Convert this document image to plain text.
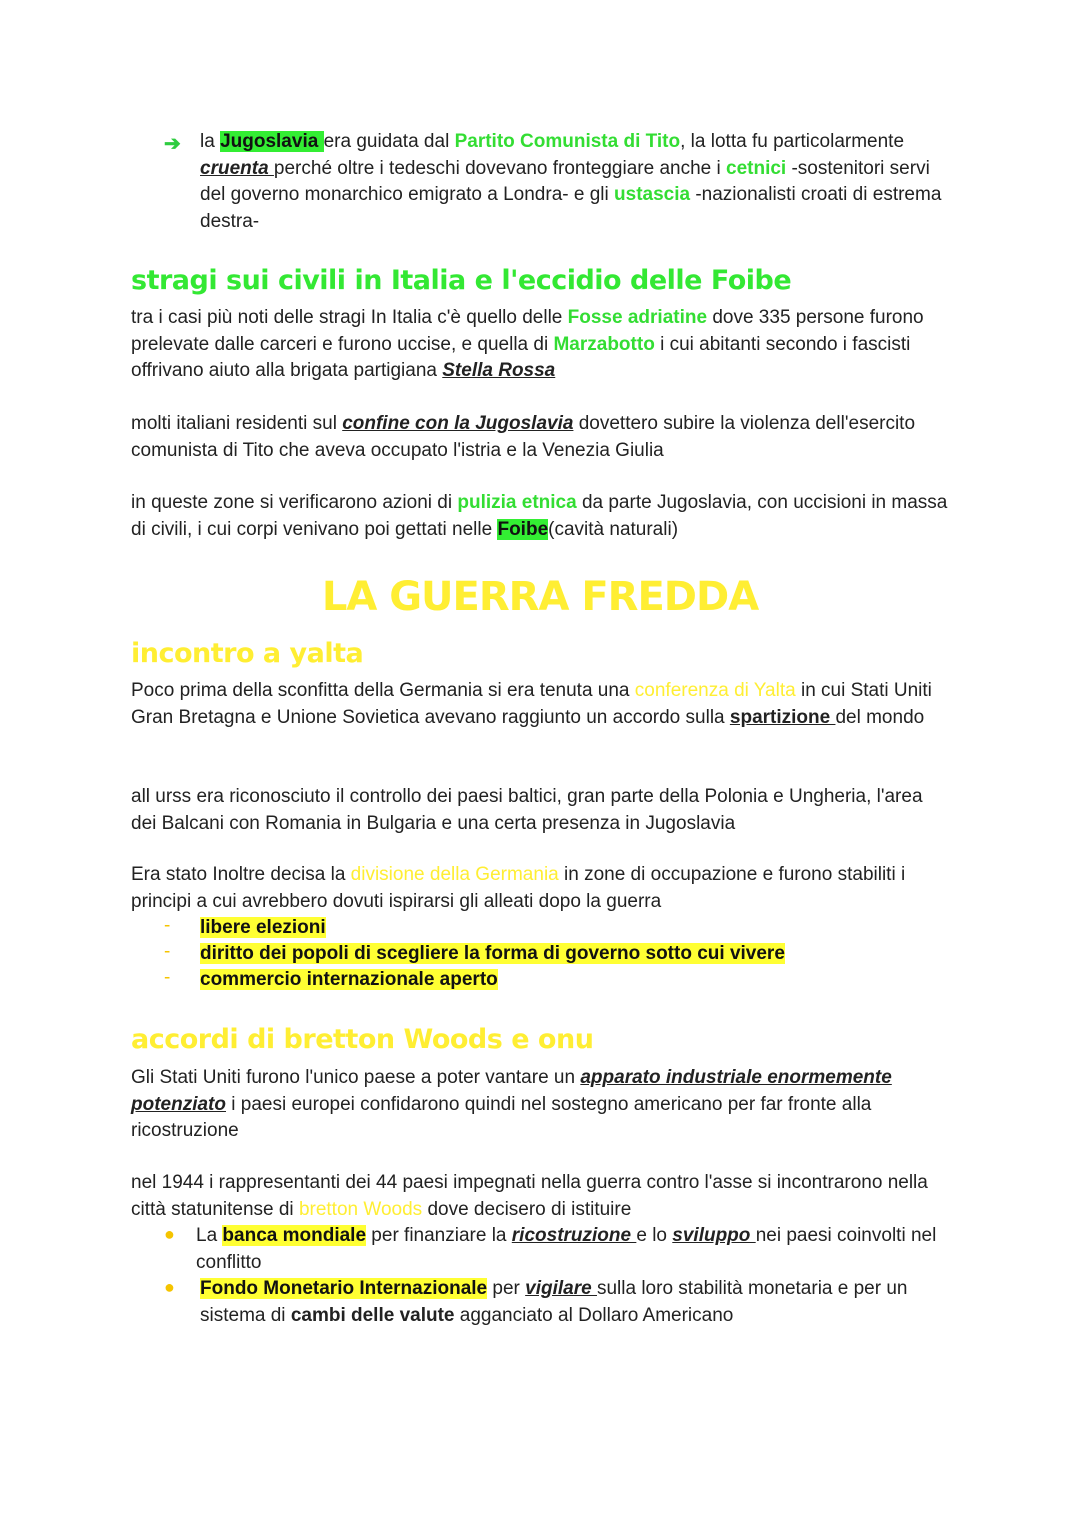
➔ la Jugoslavia era guidata dal Partito Comunista di Tito, la lotta fu particolarmente cruenta perché oltre i tedeschi dovevano fronteggiare anche i cetnici -sostenitori servi del governo monarchico emigrato a Londra- e gli ustascia -nazionalisti croati di estrema destra-

stragi sui civili in Italia e l'eccidio delle Foibe

tra i casi più noti delle stragi In Italia c'è quello delle Fosse adriatine dove 335 persone furono prelevate dalle carceri e furono uccise, e quella di Marzabotto i cui abitanti secondo i fascisti offrivano aiuto alla brigata partigiana Stella Rossa

molti italiani residenti sul confine con la Jugoslavia dovettero subire la violenza dell'esercito comunista di Tito che aveva occupato l'istria e la Venezia Giulia

in queste zone si verificarono azioni di pulizia etnica da parte Jugoslavia, con uccisioni in massa di civili, i cui corpi venivano poi gettati nelle Foibe(cavità naturali)

LA GUERRA FREDDA
incontro a yalta

Poco prima della sconfitta della Germania si era tenuta una conferenza di Yalta in cui Stati Uniti Gran Bretagna e Unione Sovietica avevano raggiunto un accordo sulla spartizione del mondo

all urss era riconosciuto il controllo dei paesi baltici, gran parte della Polonia e Ungheria, l'area dei Balcani con Romania in Bulgaria e una certa presenza in Jugoslavia

Era stato Inoltre decisa la divisione della Germania in zone di occupazione e furono stabiliti i principi a cui avrebbero dovuti ispirarsi gli alleati dopo la guerra

- libere elezioni

- diritto dei popoli di scegliere la forma di governo sotto cui vivere

- commercio internazionale aperto

accordi di bretton Woods e onu

Gli Stati Uniti furono l'unico paese a poter vantare un apparato industriale enormemente potenziato i paesi europei confidarono quindi nel sostegno americano per far fronte alla ricostruzione

nel 1944 i rappresentanti dei 44 paesi impegnati nella guerra contro l'asse si incontrarono nella città statunitense di bretton Woods dove decisero di istituire

● La banca mondiale per finanziare la ricostruzione e lo sviluppo nei paesi coinvolti nel conflitto

● Fondo Monetario Internazionale per vigilare sulla loro stabilità monetaria e per un sistema di cambi delle valute agganciato al Dollaro Americano
